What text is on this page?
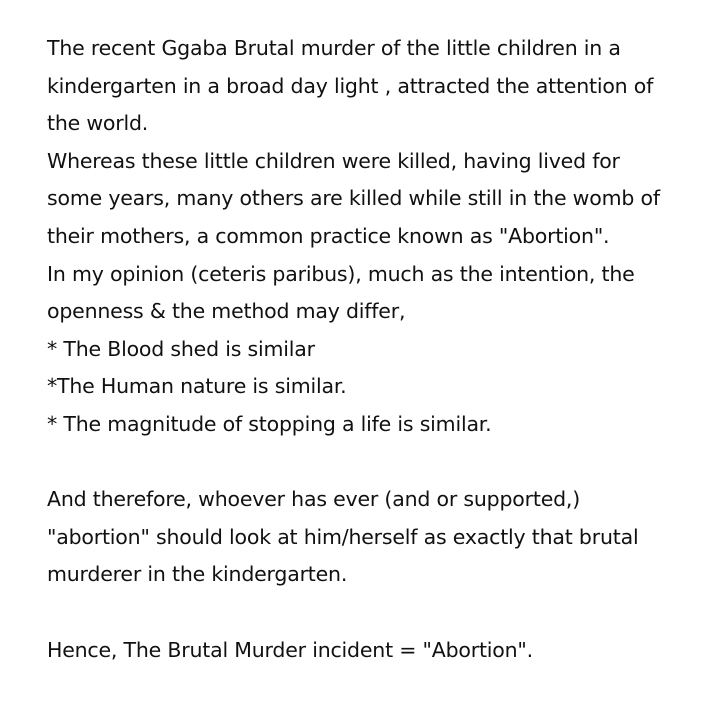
The recent Ggaba Brutal murder of the little children in a
kindergarten in a broad day light , attracted the attention of
the world.
Whereas these little children were killed, having lived for
some years, many others are killed while still in the womb of
their mothers, a common practice known as "Abortion".
In my opinion (ceteris paribus), much as the intention, the
openness & the method may differ,
* The Blood shed is similar
*The Human nature is similar.
* The magnitude of stopping a life is similar.
And therefore, whoever has ever (and or supported,)
"abortion" should look at him/herself as exactly that brutal
murderer in the kindergarten.
Hence, The Brutal Murder incident = "Abortion".
